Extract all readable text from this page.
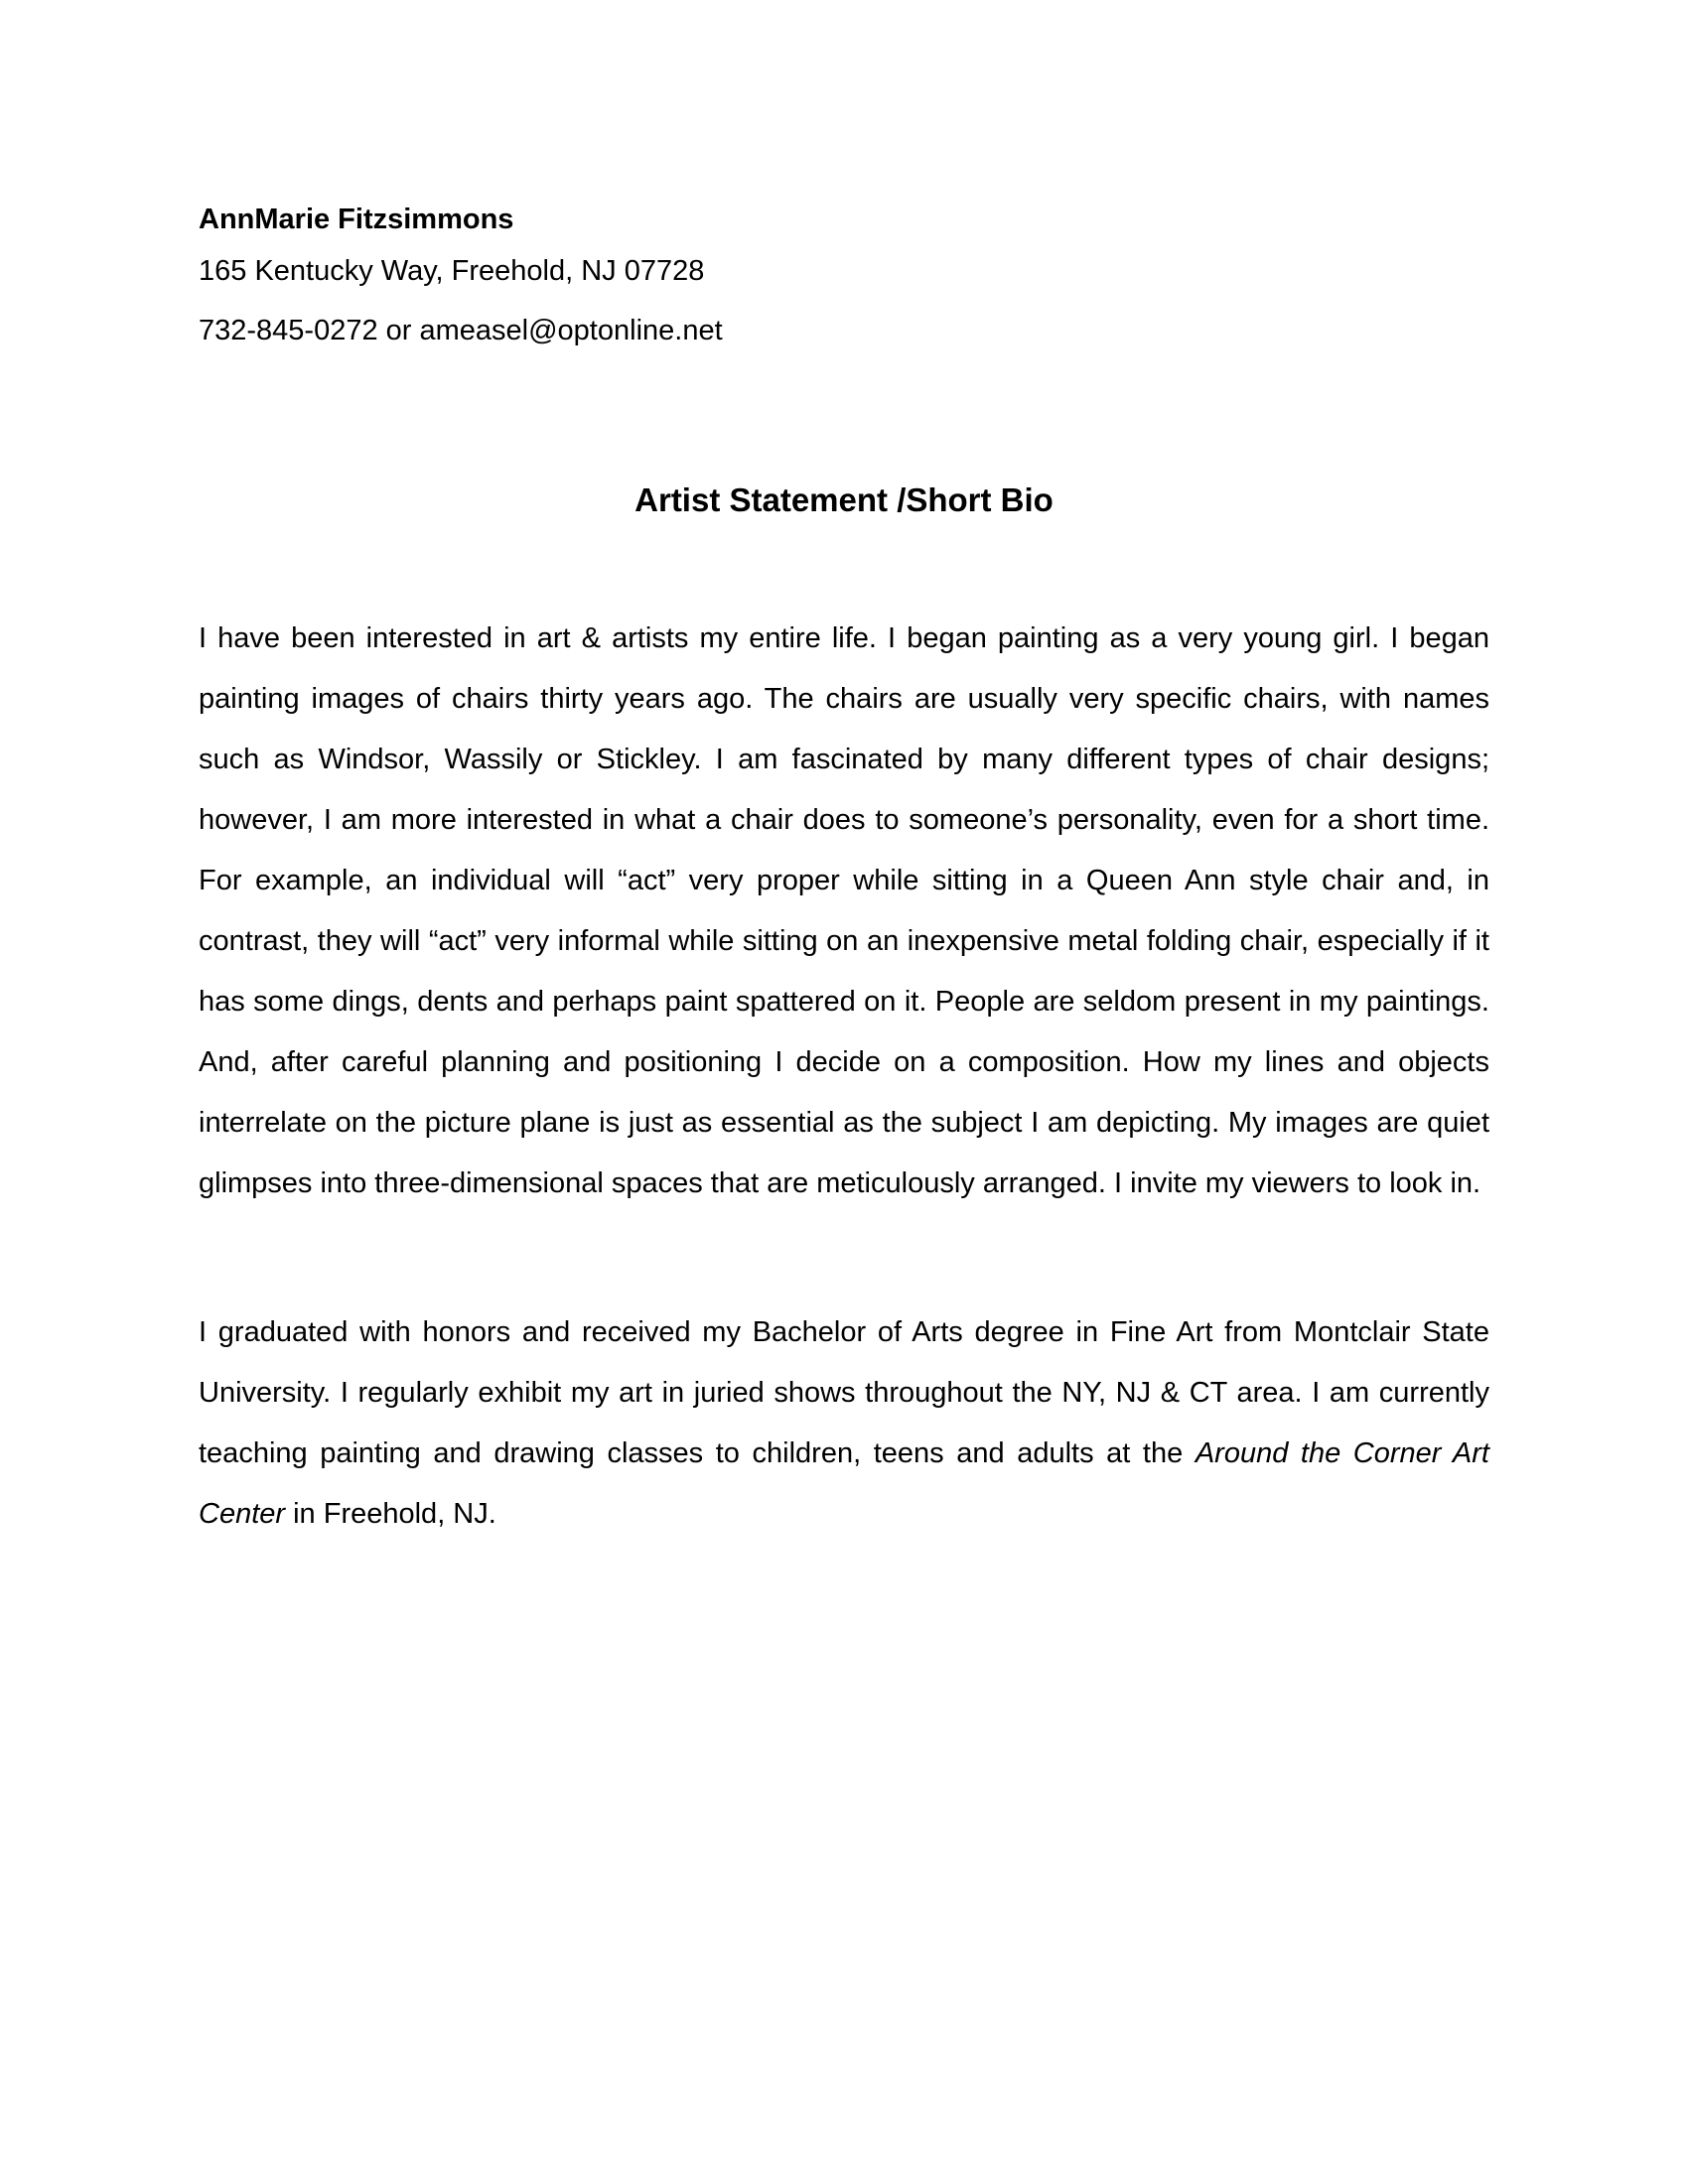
AnnMarie Fitzsimmons

165 Kentucky Way, Freehold, NJ 07728

732-845-0272 or ameasel@optonline.net

Artist Statement /Short Bio

I have been interested in art & artists my entire life. I began painting as a very young girl. I began painting images of chairs thirty years ago. The chairs are usually very specific chairs, with names such as Windsor, Wassily or Stickley. I am fascinated by many different types of chair designs; however, I am more interested in what a chair does to someone’s personality, even for a short time. For example, an individual will “act” very proper while sitting in a Queen Ann style chair and, in contrast, they will “act” very informal while sitting on an inexpensive metal folding chair, especially if it has some dings, dents and perhaps paint spattered on it. People are seldom present in my paintings. And, after careful planning and positioning I decide on a composition. How my lines and objects interrelate on the picture plane is just as essential as the subject I am depicting. My images are quiet glimpses into three-dimensional spaces that are meticulously arranged. I invite my viewers to look in.

I graduated with honors and received my Bachelor of Arts degree in Fine Art from Montclair State University. I regularly exhibit my art in juried shows throughout the NY, NJ & CT area. I am currently teaching painting and drawing classes to children, teens and adults at the Around the Corner Art Center in Freehold, NJ.
